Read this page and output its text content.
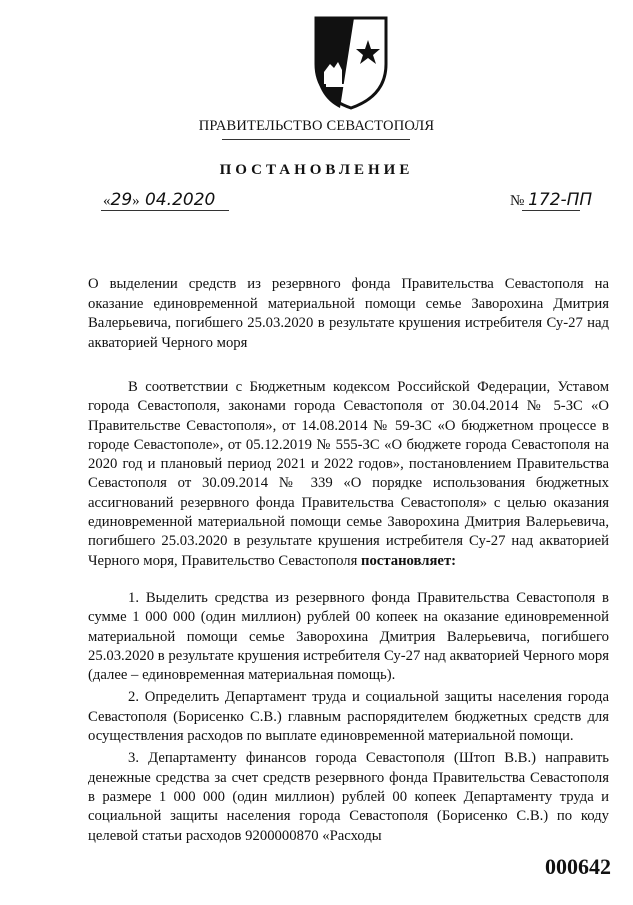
ПРАВИТЕЛЬСТВО СЕВАСТОПОЛЯ
ПОСТАНОВЛЕНИЕ
«29» 04.2020	№ 172-ПП
О выделении средств из резервного фонда Правительства Севастополя на оказание единовременной материальной помощи семье Заворохина Дмитрия Валерьевича, погибшего 25.03.2020 в результате крушения истребителя Су-27 над акваторией Черного моря

В соответствии с Бюджетным кодексом Российской Федерации, Уставом города Севастополя, законами города Севастополя от 30.04.2014 № 5-ЗС «О Правительстве Севастополя», от 14.08.2014 № 59-ЗС «О бюджетном процессе в городе Севастополе», от 05.12.2019 № 555-ЗС «О бюджете города Севастополя на 2020 год и плановый период 2021 и 2022 годов», постановлением Правительства Севастополя от 30.09.2014 № 339 «О порядке использования бюджетных ассигнований резервного фонда Правительства Севастополя» с целью оказания единовременной материальной помощи семье Заворохина Дмитрия Валерьевича, погибшего 25.03.2020 в результате крушения истребителя Су-27 над акваторией Черного моря, Правительство Севастополя постановляет:

1. Выделить средства из резервного фонда Правительства Севастополя в сумме 1 000 000 (один миллион) рублей 00 копеек на оказание единовременной материальной помощи семье Заворохина Дмитрия Валерьевича, погибшего 25.03.2020 в результате крушения истребителя Су-27 над акваторией Черного моря (далее – единовременная материальная помощь).

2. Определить Департамент труда и социальной защиты населения города Севастополя (Борисенко С.В.) главным распорядителем бюджетных средств для осуществления расходов по выплате единовременной материальной помощи.

3. Департаменту финансов города Севастополя (Штоп В.В.) направить денежные средства за счет средств резервного фонда Правительства Севастополя в размере 1 000 000 (один миллион) рублей 00 копеек Департаменту труда и социальной защиты населения города Севастополя (Борисенко С.В.) по коду целевой статьи расходов 9200000870 «Расходы

000642
